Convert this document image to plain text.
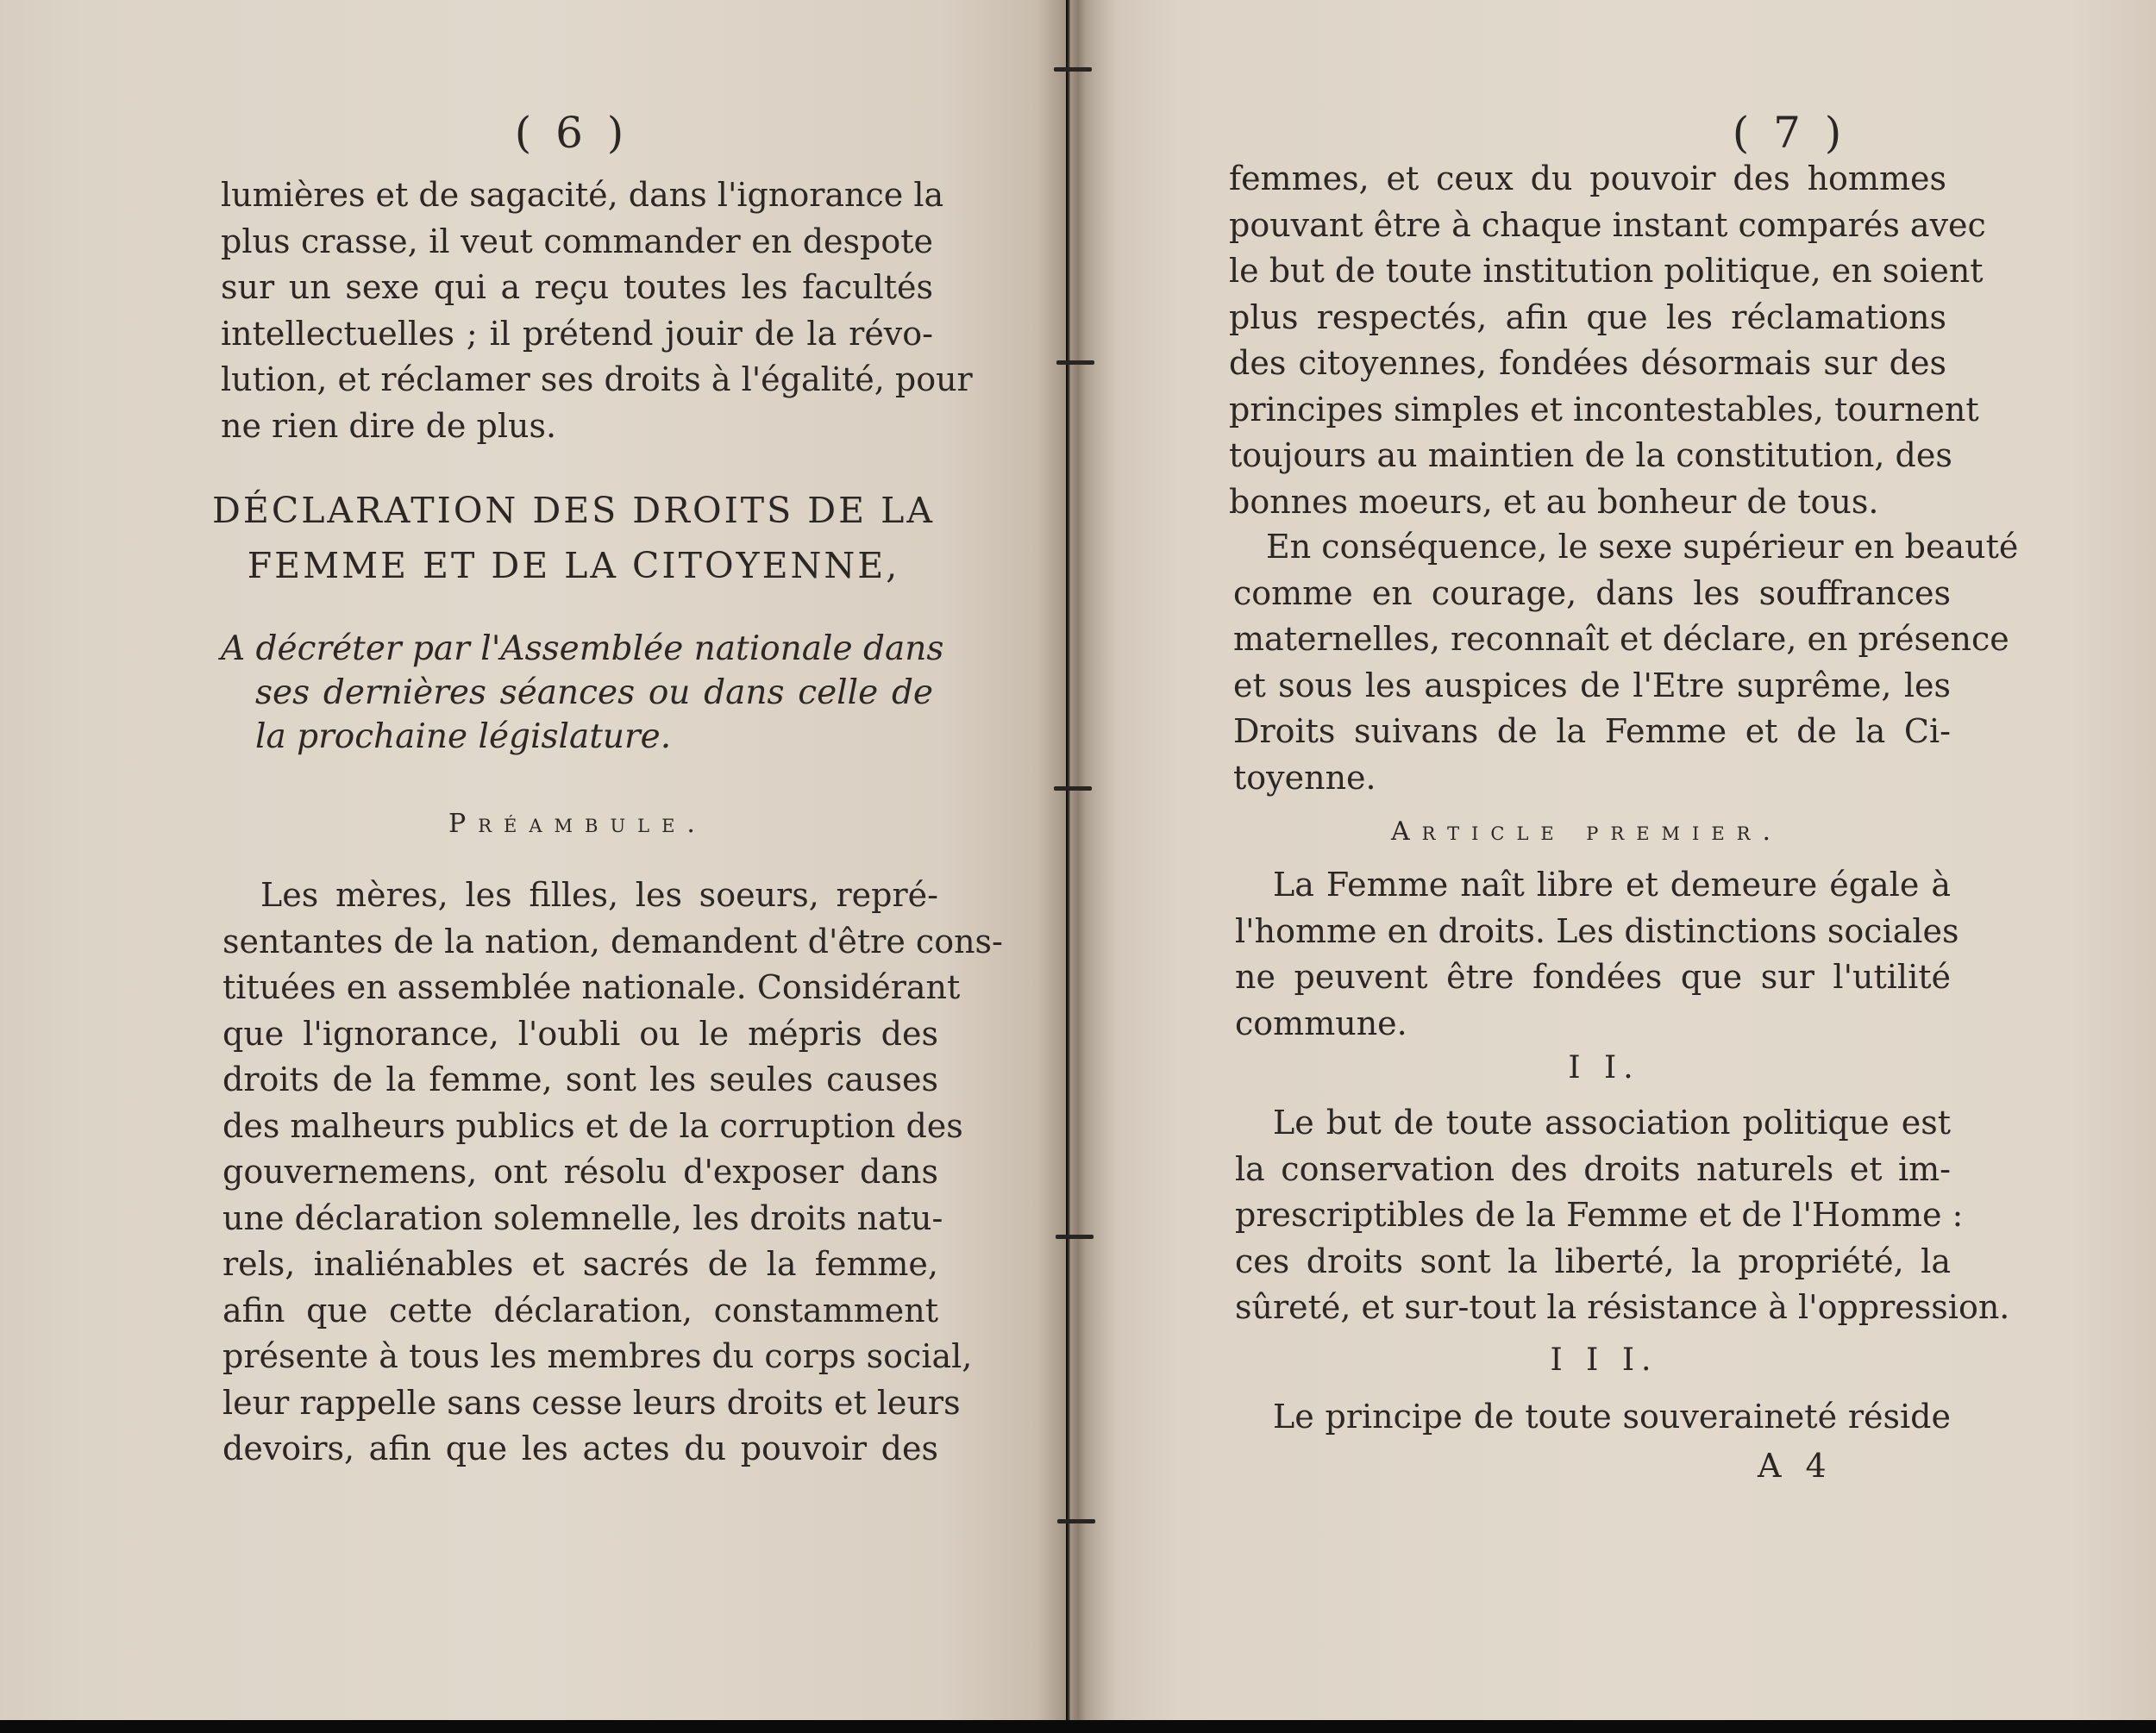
( 6 )
lumières et de sagacité, dans l'ignorance la
plus crasse, il veut commander en despote
sur un sexe qui a reçu toutes les facultés
intellectuelles ; il prétend jouir de la révo-
lution, et réclamer ses droits à l'égalité, pour
ne rien dire de plus.
DÉCLARATION DES DROITS DE LA
FEMME ET DE LA CITOYENNE,
A décréter par l'Assemblée nationale dans
ses dernières séances ou dans celle de
la prochaine législature.
Préambule.
Les mères, les filles, les soeurs, repré-
sentantes de la nation, demandent d'être cons-
tituées en assemblée nationale. Considérant
que l'ignorance, l'oubli ou le mépris des
droits de la femme, sont les seules causes
des malheurs publics et de la corruption des
gouvernemens, ont résolu d'exposer dans
une déclaration solemnelle, les droits natu-
rels, inaliénables et sacrés de la femme,
afin que cette déclaration, constamment
présente à tous les membres du corps social,
leur rappelle sans cesse leurs droits et leurs
devoirs, afin que les actes du pouvoir des
( 7 )
femmes, et ceux du pouvoir des hommes
pouvant être à chaque instant comparés avec
le but de toute institution politique, en soient
plus respectés, afin que les réclamations
des citoyennes, fondées désormais sur des
principes simples et incontestables, tournent
toujours au maintien de la constitution, des
bonnes moeurs, et au bonheur de tous.
En conséquence, le sexe supérieur en beauté
comme en courage, dans les souffrances
maternelles, reconnaît et déclare, en présence
et sous les auspices de l'Etre suprême, les
Droits suivans de la Femme et de la Ci-
toyenne.
Article premier.
La Femme naît libre et demeure égale à
l'homme en droits. Les distinctions sociales
ne peuvent être fondées que sur l'utilité
commune.
I I.
Le but de toute association politique est
la conservation des droits naturels et im-
prescriptibles de la Femme et de l'Homme :
ces droits sont la liberté, la propriété, la
sûreté, et sur-tout la résistance à l'oppression.
I I I.
Le principe de toute souveraineté réside
A 4
